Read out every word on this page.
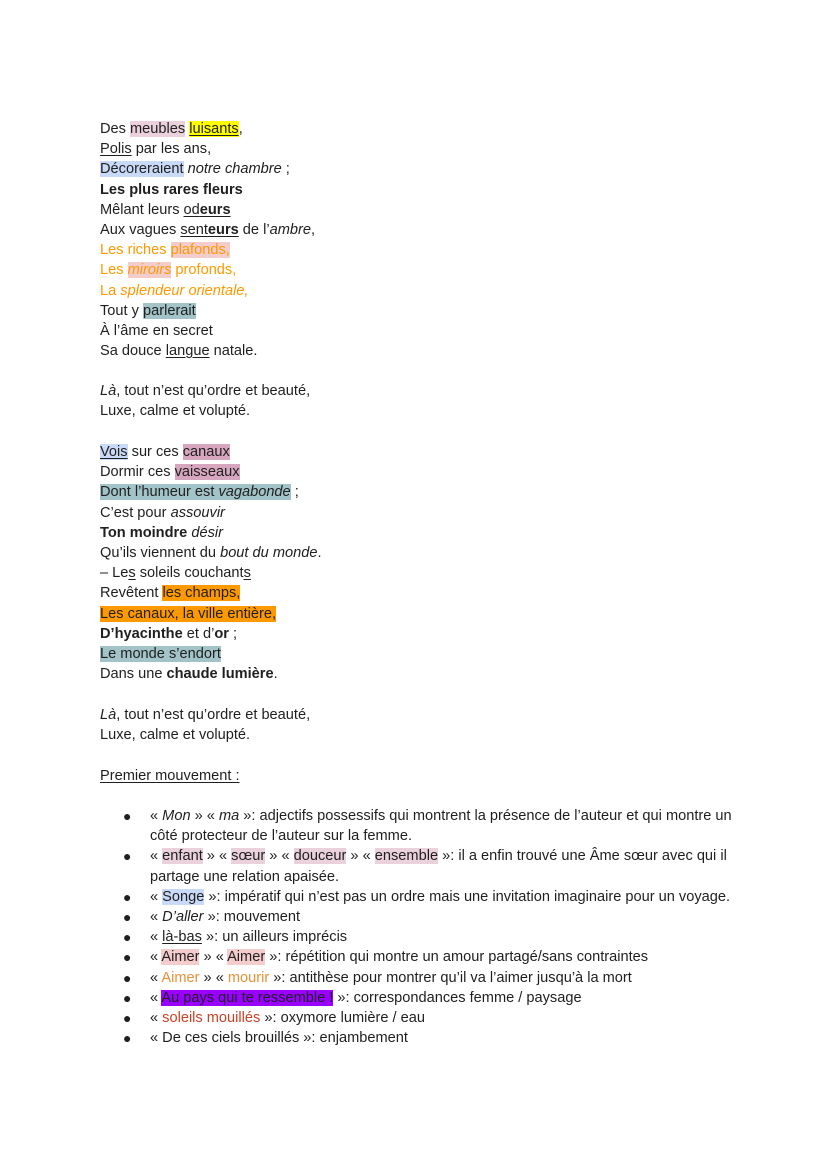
Des meubles luisants,
Polis par les ans,
Décoreraient notre chambre ;
Les plus rares fleurs
Mêlant leurs odeurs
Aux vagues senteurs de l’ambre,
Les riches plafonds,
Les miroirs profonds,
La splendeur orientale,
Tout y parlerait
À l’âme en secret
Sa douce langue natale.
Là, tout n’est qu’ordre et beauté,
Luxe, calme et volupté.
Vois sur ces canaux
Dormir ces vaisseaux
Dont l’humeur est vagabonde ;
C’est pour assouvir
Ton moindre désir
Qu’ils viennent du bout du monde.
– Les soleils couchants
Revêtent les champs,
Les canaux, la ville entière,
D’hyacinthe et d’or ;
Le monde s’endort
Dans une chaude lumière.
Là, tout n’est qu’ordre et beauté,
Luxe, calme et volupté.
Premier mouvement :
● « Mon » « ma »: adjectifs possessifs qui montrent la présence de l’auteur et qui montre un côté protecteur de l’auteur sur la femme.
● « enfant » « sœur » « douceur » « ensemble »: il a enfin trouvé une Âme sœur avec qui il partage une relation apaisée.
● « Songe »: impératif qui n’est pas un ordre mais une invitation imaginaire pour un voyage.
● « D’aller »: mouvement
● « là-bas »: un ailleurs imprécis
● « Aimer » « Aimer »: répétition qui montre un amour partagé/sans contraintes
● « Aimer » « mourir »: antithèse pour montrer qu’il va l’aimer jusqu’à la mort
● « Au pays qui te ressemble ! »: correspondances femme / paysage
● « soleils mouillés »: oxymore lumière / eau
● « De ces ciels brouillés »: enjambement
